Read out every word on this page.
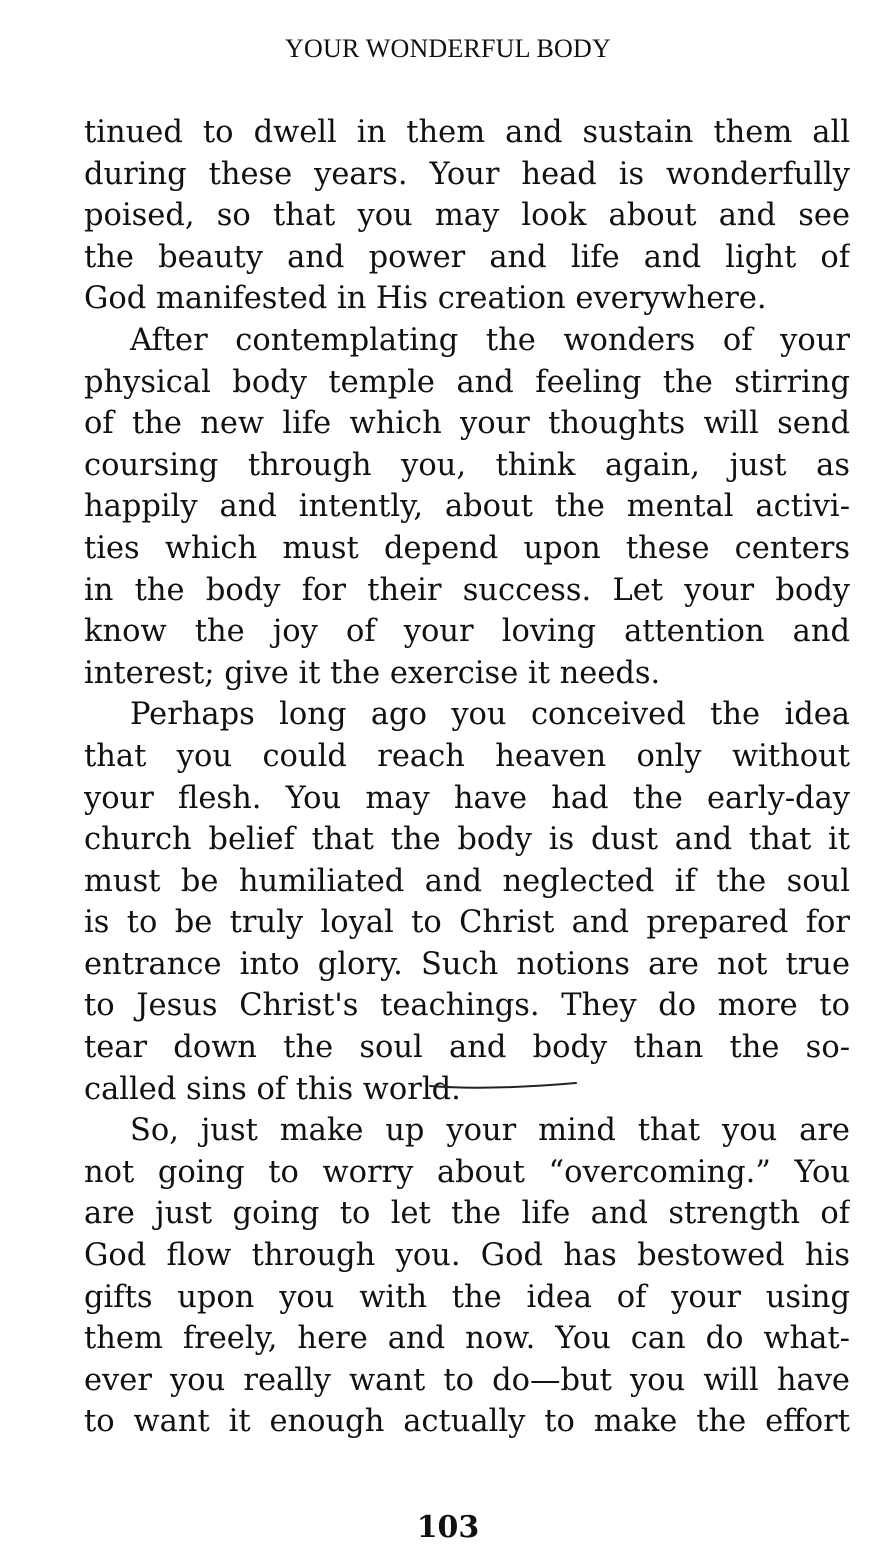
YOUR WONDERFUL BODY
tinued to dwell in them and sustain them all
during these years. Your head is wonderfully
poised, so that you may look about and see
the beauty and power and life and light of
God manifested in His creation everywhere.
After contemplating the wonders of your
physical body temple and feeling the stirring
of the new life which your thoughts will send
coursing through you, think again, just as
happily and intently, about the mental activi-
ties which must depend upon these centers
in the body for their success. Let your body
know the joy of your loving attention and
interest; give it the exercise it needs.
Perhaps long ago you conceived the idea
that you could reach heaven only without
your flesh. You may have had the early-day
church belief that the body is dust and that it
must be humiliated and neglected if the soul
is to be truly loyal to Christ and prepared for
entrance into glory. Such notions are not true
to Jesus Christ's teachings. They do more to
tear down the soul and body than the so-
called sins of this world.
So, just make up your mind that you are
not going to worry about “overcoming.” You
are just going to let the life and strength of
God flow through you. God has bestowed his
gifts upon you with the idea of your using
them freely, here and now. You can do what-
ever you really want to do—but you will have
to want it enough actually to make the effort
103
